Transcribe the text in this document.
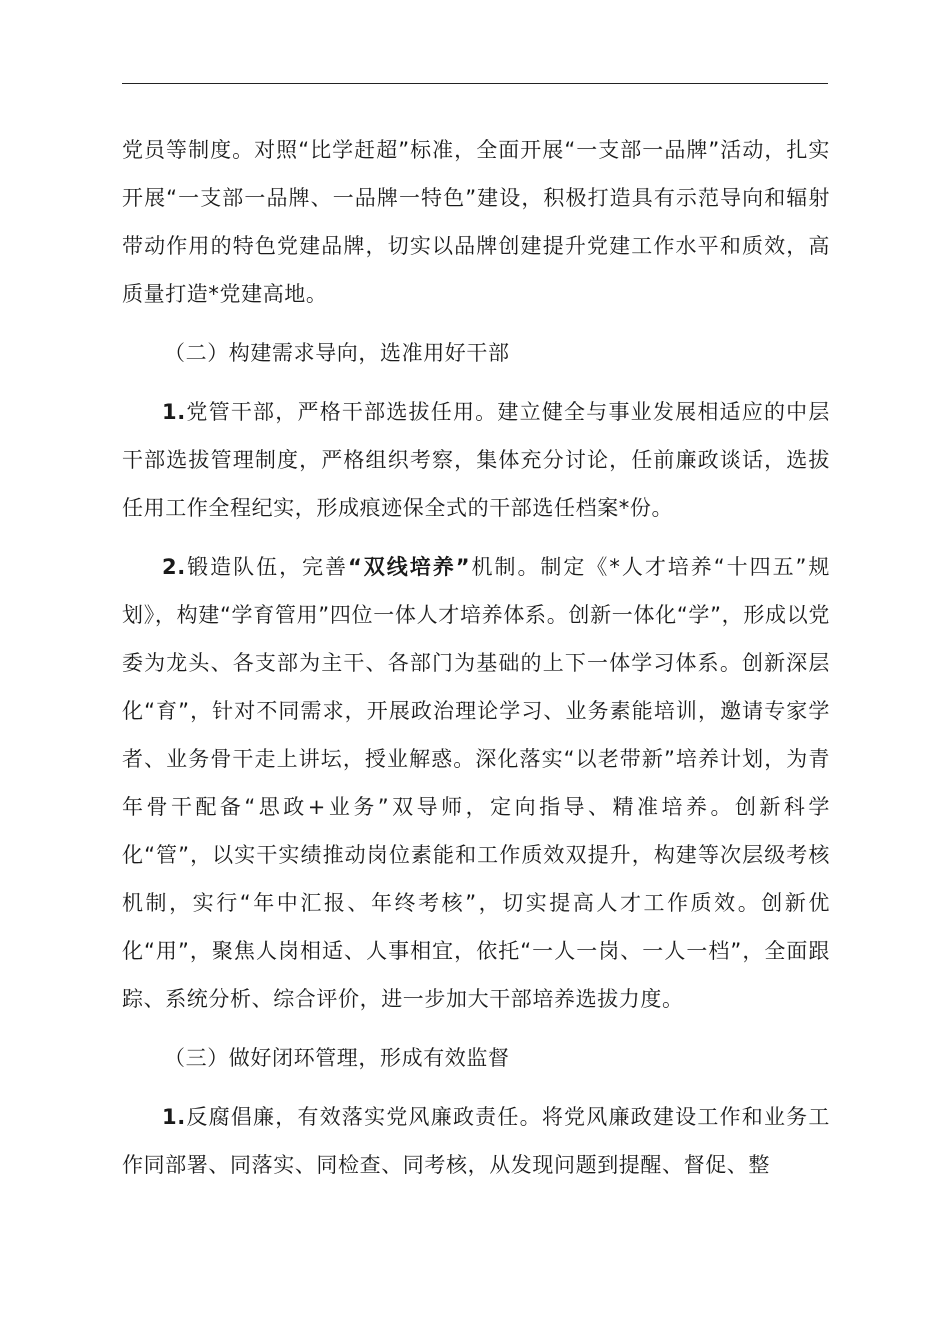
党员等制度。对照“比学赶超”标准，全面开展“一支部一品牌”活动，扎实开展“一支部一品牌、一品牌一特色”建设，积极打造具有示范导向和辐射带动作用的特色党建品牌，切实以品牌创建提升党建工作水平和质效，高质量打造*党建高地。

（二）构建需求导向，选准用好干部

1.党管干部，严格干部选拔任用。建立健全与事业发展相适应的中层干部选拔管理制度，严格组织考察，集体充分讨论，任前廉政谈话，选拔任用工作全程纪实，形成痕迹保全式的干部选任档案*份。

2.锻造队伍，完善“双线培养”机制。制定《*人才培养“十四五”规划》，构建“学育管用”四位一体人才培养体系。创新一体化“学”，形成以党委为龙头、各支部为主干、各部门为基础的上下一体学习体系。创新深层化“育”，针对不同需求，开展政治理论学习、业务素能培训，邀请专家学者、业务骨干走上讲坛，授业解惑。深化落实“以老带新”培养计划，为青年骨干配备“思政+业务”双导师，定向指导、精准培养。创新科学化“管”，以实干实绩推动岗位素能和工作质效双提升，构建等次层级考核机制，实行“年中汇报、年终考核”，切实提高人才工作质效。创新优化“用”，聚焦人岗相适、人事相宜，依托“一人一岗、一人一档”，全面跟踪、系统分析、综合评价，进一步加大干部培养选拔力度。

（三）做好闭环管理，形成有效监督

1.反腐倡廉，有效落实党风廉政责任。将党风廉政建设工作和业务工作同部署、同落实、同检查、同考核，从发现问题到提醒、督促、整
